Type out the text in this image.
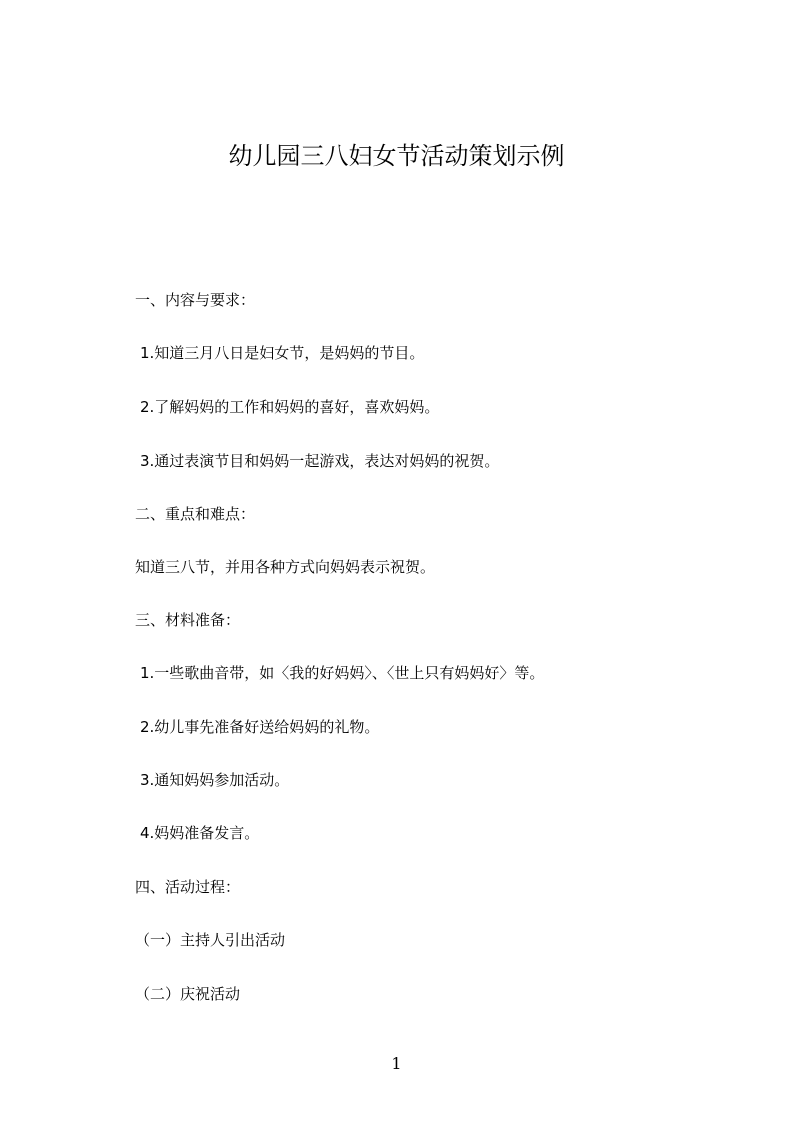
幼儿园三八妇女节活动策划示例
一、内容与要求：
1.知道三月八日是妇女节，是妈妈的节目。
2.了解妈妈的工作和妈妈的喜好，喜欢妈妈。
3.通过表演节目和妈妈一起游戏，表达对妈妈的祝贺。
二、重点和难点：
知道三八节，并用各种方式向妈妈表示祝贺。
三、材料准备：
1.一些歌曲音带，如〈我的好妈妈〉、〈世上只有妈妈好〉等。
2.幼儿事先准备好送给妈妈的礼物。
3.通知妈妈参加活动。
4.妈妈准备发言。
四、活动过程：
（一）主持人引出活动
（二）庆祝活动
1
